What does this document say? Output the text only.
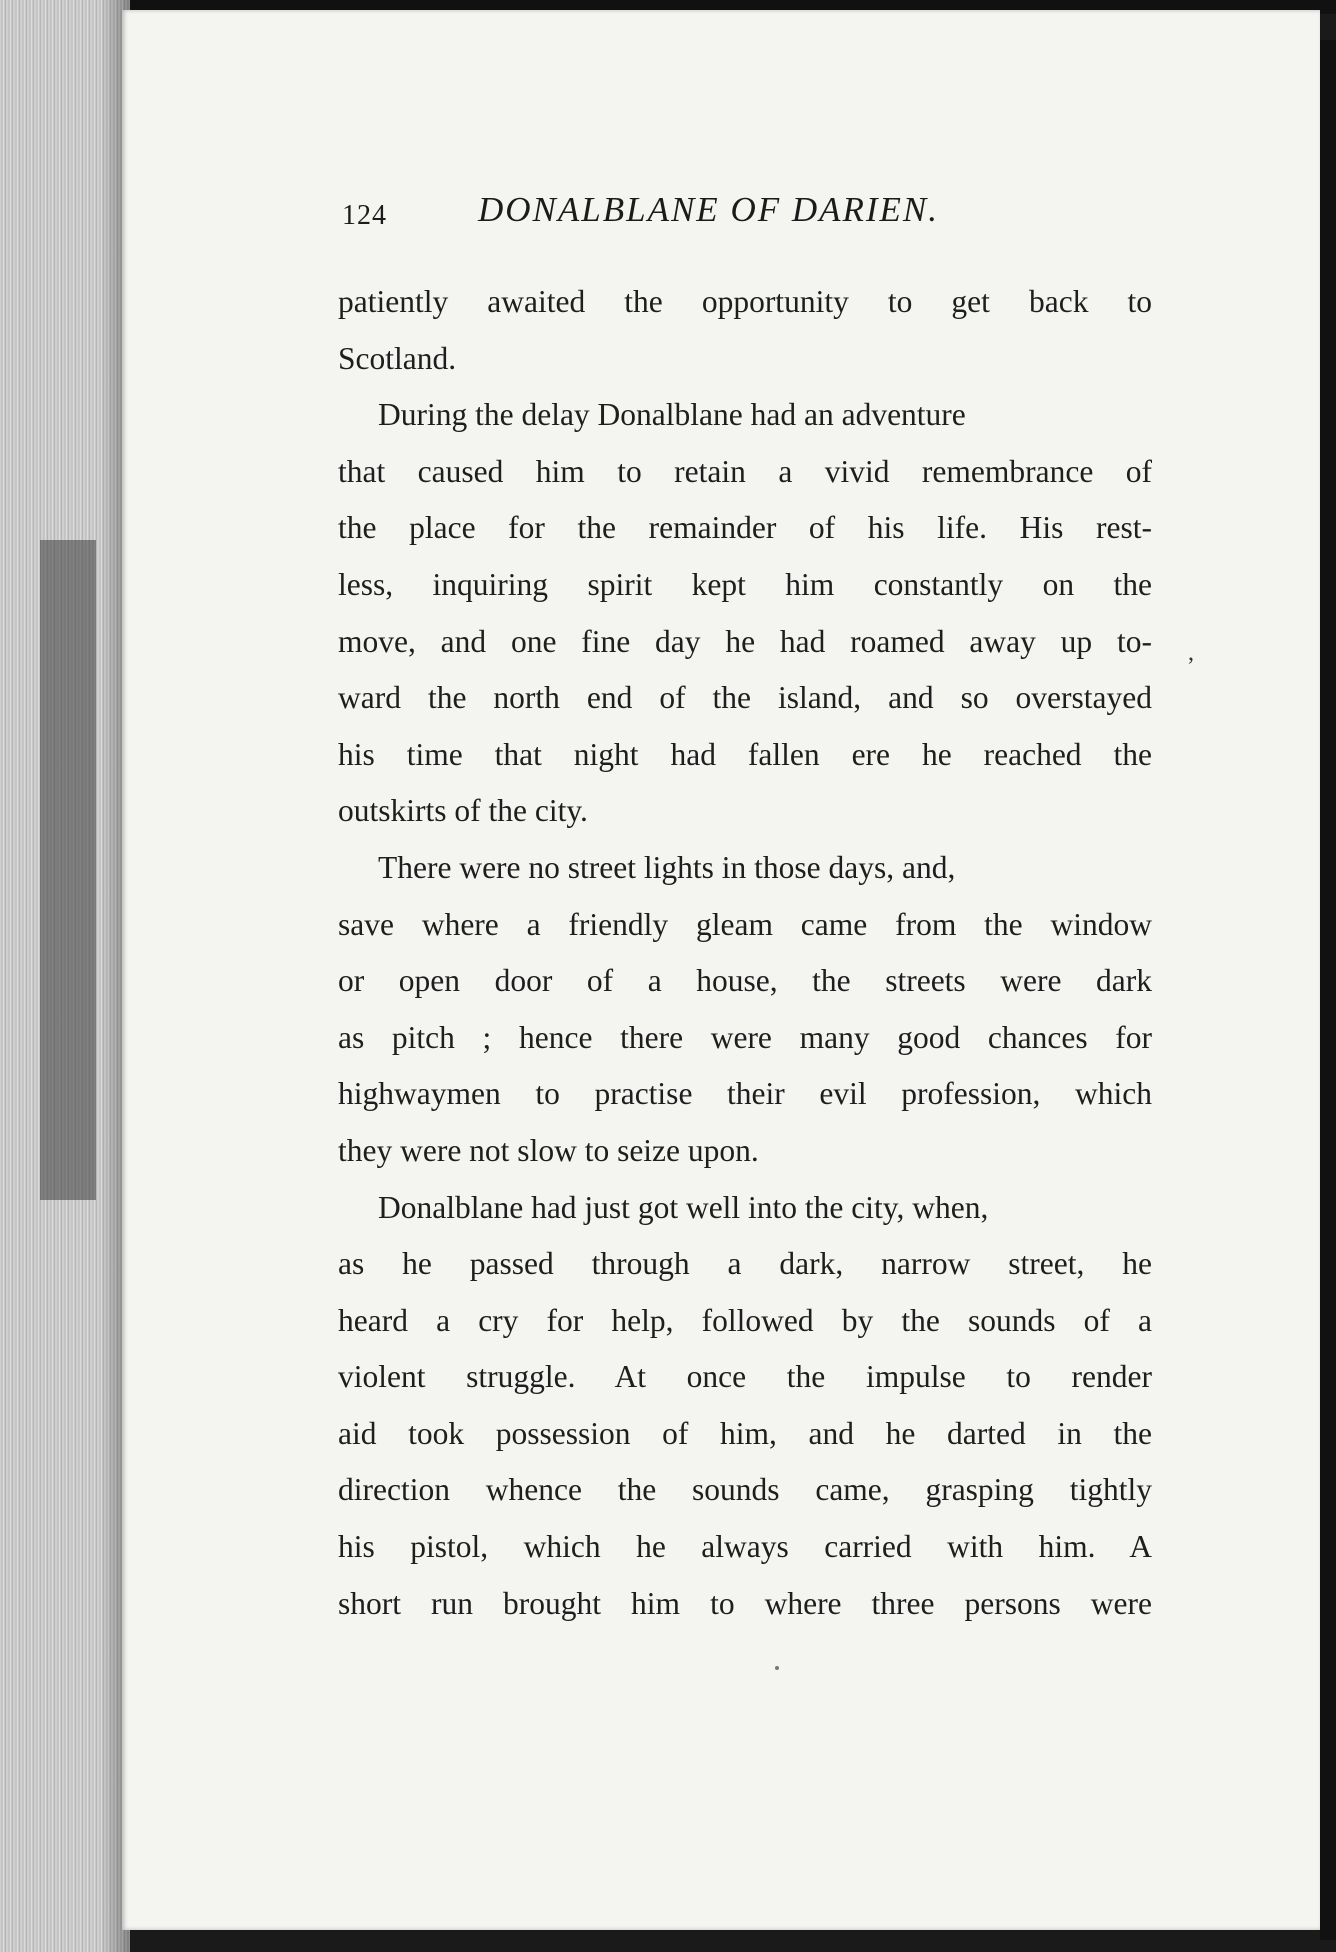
124	DONALBLANE OF DARIEN.
patiently awaited the opportunity to get back to
Scotland.
During the delay Donalblane had an adventure
that caused him to retain a vivid remembrance of
the place for the remainder of his life. His rest-
less, inquiring spirit kept him constantly on the
move, and one fine day he had roamed away up to-
ward the north end of the island, and so overstayed
his time that night had fallen ere he reached the
outskirts of the city.
There were no street lights in those days, and,
save where a friendly gleam came from the window
or open door of a house, the streets were dark
as pitch ; hence there were many good chances for
highwaymen to practise their evil profession, which
they were not slow to seize upon.
Donalblane had just got well into the city, when,
as he passed through a dark, narrow street, he
heard a cry for help, followed by the sounds of a
violent struggle. At once the impulse to render
aid took possession of him, and he darted in the
direction whence the sounds came, grasping tightly
his pistol, which he always carried with him. A
short run brought him to where three persons were
,
